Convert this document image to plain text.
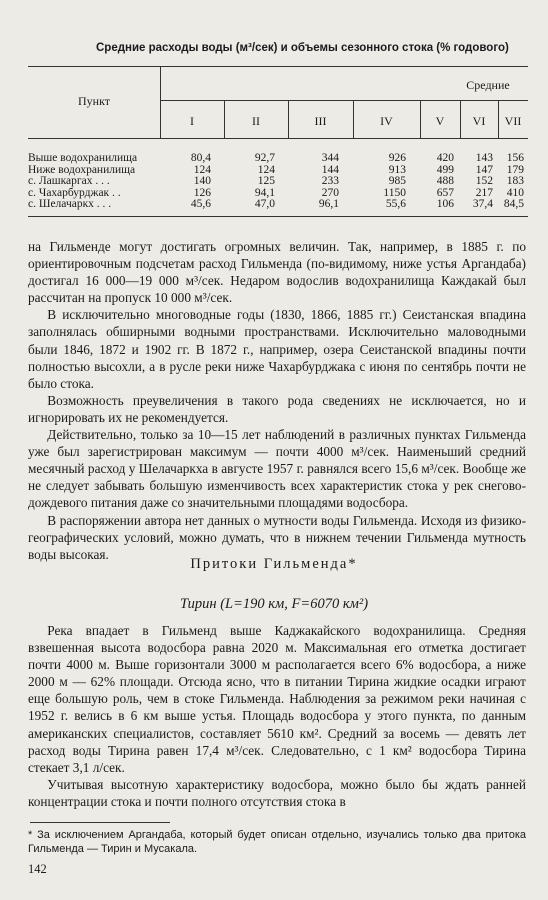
Средние расходы воды (м³/сек) и объемы сезонного стока (% годового)
Пункт
Средние
I	II	III	IV	V	VI	VII
Выше водохранилища	80,4	92,7	344	926	420	143	156
Ниже водохранилища	124	124	144	913	499	147	179
с. Лашкаргах . . .	140	125	233	985	488	152	183
с. Чахарбурджак . .	126	94,1	270	1150	657	217	410
с. Шелачаркх . . .	45,6	47,0	96,1	55,6	106	37,4 84,5

на Гильменде могут достигать огромных величин. Так, например, в 1885 г. по ориентировочным подсчетам расход Гильменда (по-видимому, ниже устья Аргандаба) достигал 16 000—19 000 м³/сек. Недаром водослив водохранилища Каждакай был рассчитан на пропуск 10 000 м³/сек.

В исключительно многоводные годы (1830, 1866, 1885 гг.) Сеистанская впадина заполнялась обширными водными пространствами. Исключительно маловодными были 1846, 1872 и 1902 гг. В 1872 г., например, озера Сеистанской впадины почти полностью высохли, а в русле реки ниже Чахарбурджака с июня по сентябрь почти не было стока.

Возможность преувеличения в такого рода сведениях не исключается, но и игнорировать их не рекомендуется.

Действительно, только за 10—15 лет наблюдений в различных пунктах Гильменда уже был зарегистрирован максимум — почти 4000 м³/сек. Наименьший средний месячный расход у Шелачаркха в августе 1957 г. равнялся всего 15,6 м³/сек. Вообще же не следует забывать большую изменчивость всех характеристик стока у рек снегово-дождевого питания даже со значительными площадями водосбора.

В распоряжении автора нет данных о мутности воды Гильменда. Исходя из физико-географических условий, можно думать, что в нижнем течении Гильменда мутность воды высокая.

Притоки Гильменда*
Тирин (L=190 км, F=6070 км²)

Река впадает в Гильменд выше Каджакайского водохранилища. Средняя взвешенная высота водосбора равна 2020 м. Максимальная его отметка достигает почти 4000 м. Выше горизонтали 3000 м располагается всего 6% водосбора, а ниже 2000 м — 62% площади. Отсюда ясно, что в питании Тирина жидкие осадки играют еще большую роль, чем в стоке Гильменда. Наблюдения за режимом реки начиная с 1952 г. велись в 6 км выше устья. Площадь водосбора у этого пункта, по данным американских специалистов, составляет 5610 км². Средний за восемь — девять лет расход воды Тирина равен 17,4 м³/сек. Следовательно, с 1 км² водосбора Тирина стекает 3,1 л/сек.

Учитывая высотную характеристику водосбора, можно было бы ждать ранней концентрации стока и почти полного отсутствия стока в

* За исключением Аргандаба, который будет описан отдельно, изучались только два притока Гильменда — Тирин и Мусакала.
142
